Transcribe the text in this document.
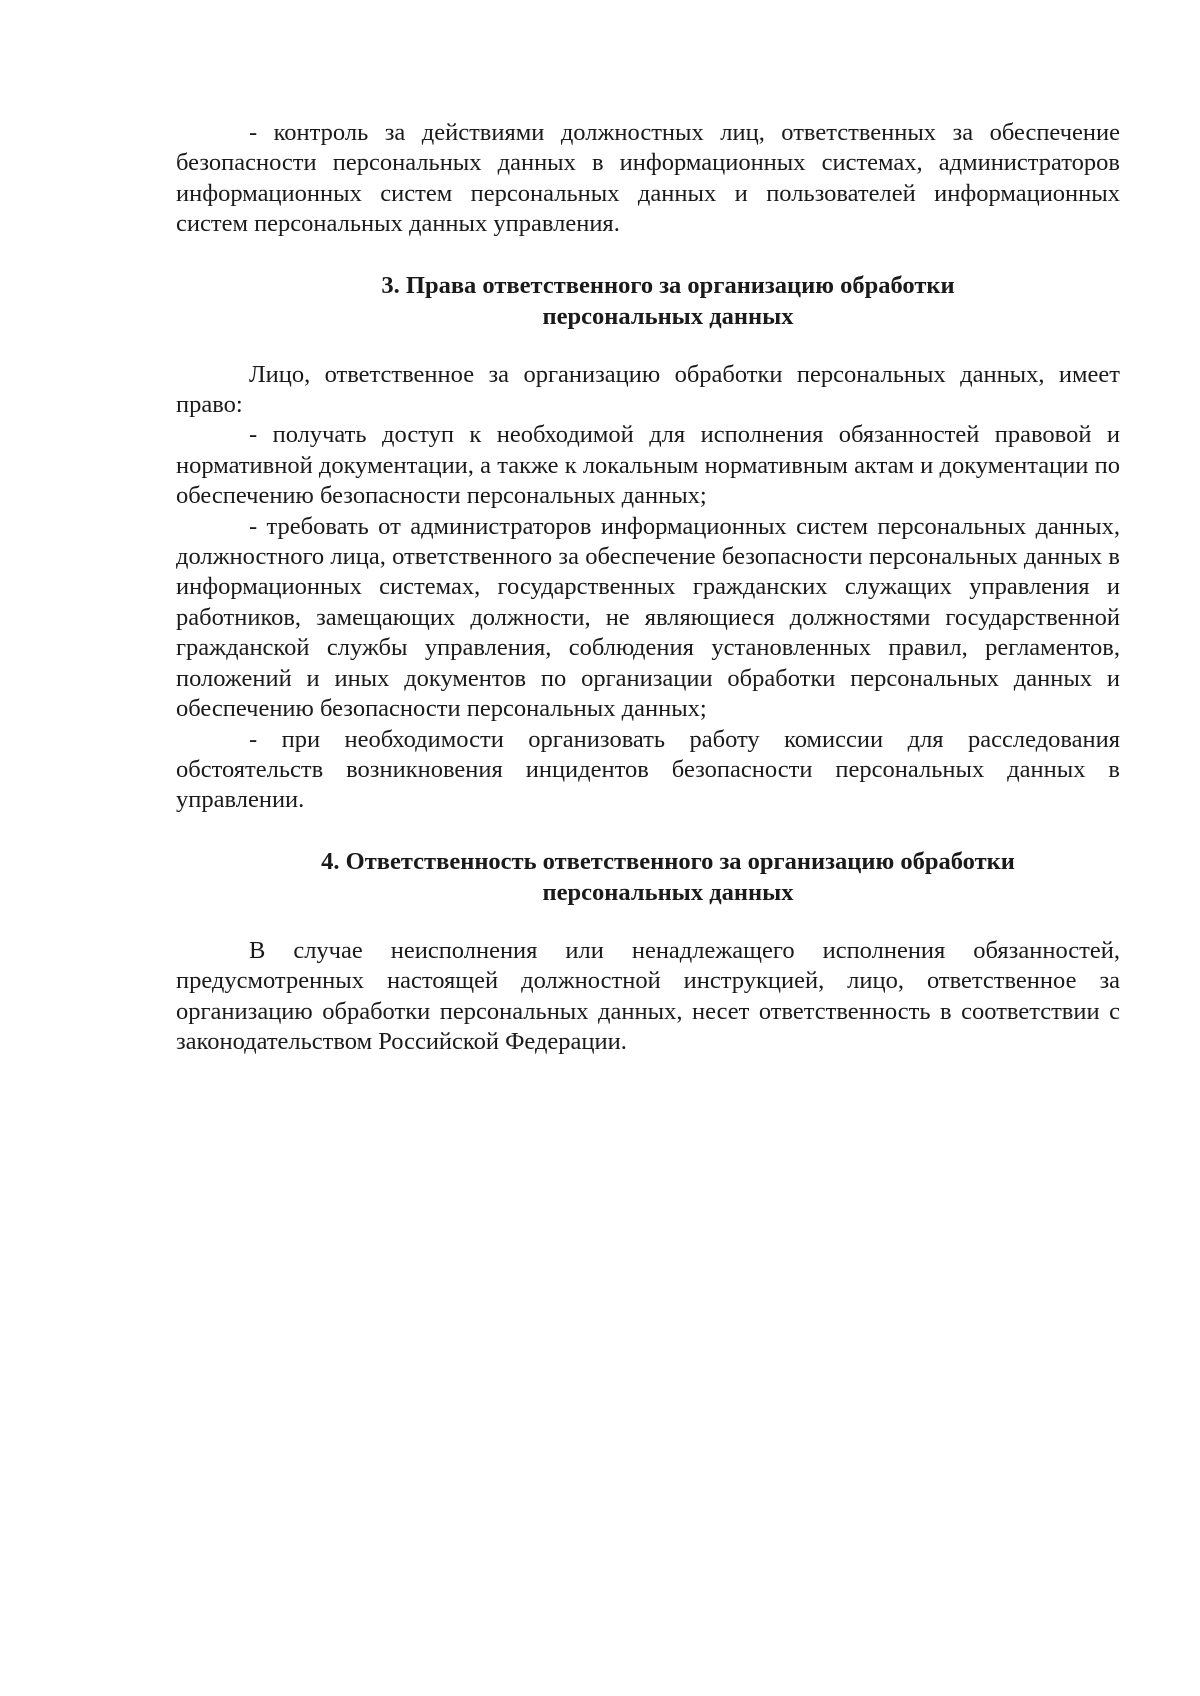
- контроль за действиями должностных лиц, ответственных за обеспечение безопасности персональных данных в информационных системах, администраторов информационных систем персональных данных и пользователей информационных систем персональных данных управления.

3. Права ответственного за организацию обработки
персональных данных

Лицо, ответственное за организацию обработки персональных данных, имеет право:

- получать доступ к необходимой для исполнения обязанностей правовой и нормативной документации, а также к локальным нормативным актам и документации по обеспечению безопасности персональных данных;

- требовать от администраторов информационных систем персональных данных, должностного лица, ответственного за обеспечение безопасности персональных данных в информационных системах, государственных гражданских служащих управления и работников, замещающих должности, не являющиеся должностями государственной гражданской службы управления, соблюдения установленных правил, регламентов, положений и иных документов по организации обработки персональных данных и обеспечению безопасности персональных данных;

- при необходимости организовать работу комиссии для расследования обстоятельств возникновения инцидентов безопасности персональных данных в управлении.

4. Ответственность ответственного за организацию обработки
персональных данных

В случае неисполнения или ненадлежащего исполнения обязанностей, предусмотренных настоящей должностной инструкцией, лицо, ответственное за организацию обработки персональных данных, несет ответственность в соответствии с законодательством Российской Федерации.
